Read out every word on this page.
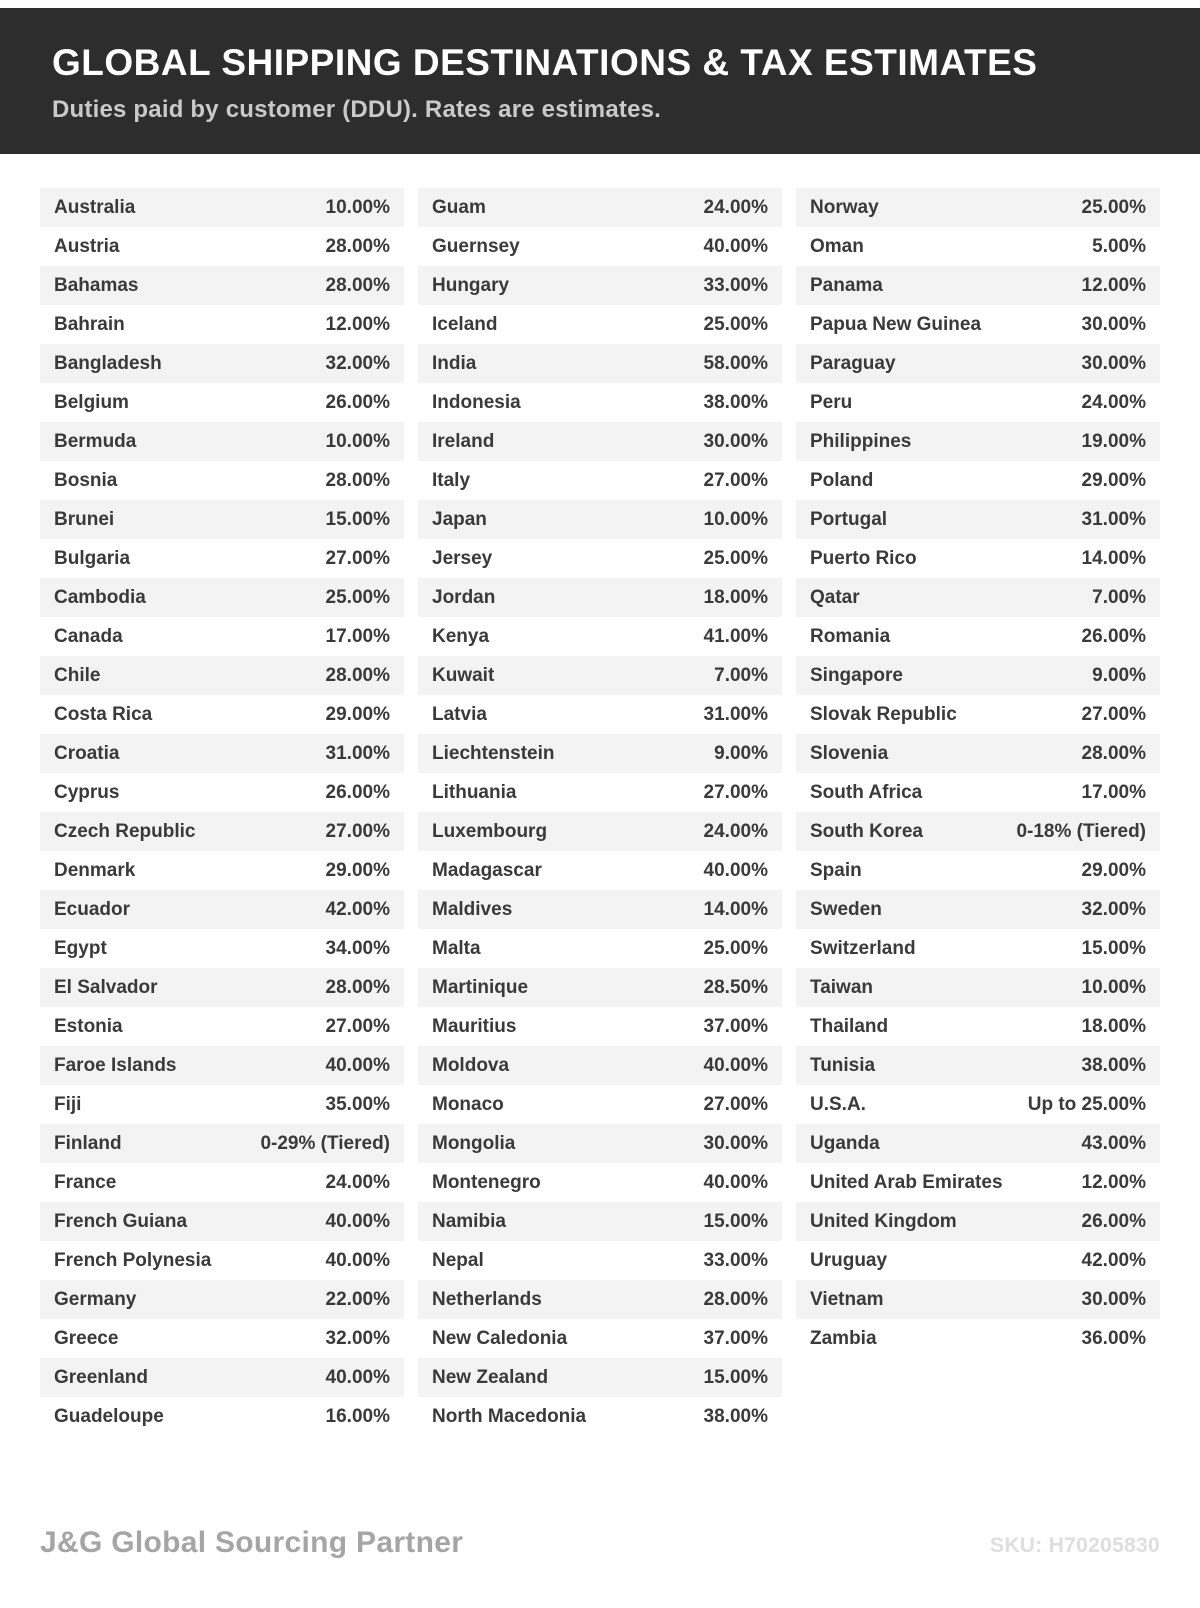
GLOBAL SHIPPING DESTINATIONS & TAX ESTIMATES
Duties paid by customer (DDU). Rates are estimates.
Australia	10.00%
Austria	28.00%
Bahamas	28.00%
Bahrain	12.00%
Bangladesh	32.00%
Belgium	26.00%
Bermuda	10.00%
Bosnia	28.00%
Brunei	15.00%
Bulgaria	27.00%
Cambodia	25.00%
Canada	17.00%
Chile	28.00%
Costa Rica	29.00%
Croatia	31.00%
Cyprus	26.00%
Czech Republic	27.00%
Denmark	29.00%
Ecuador	42.00%
Egypt	34.00%
El Salvador	28.00%
Estonia	27.00%
Faroe Islands	40.00%
Fiji	35.00%
Finland	0-29% (Tiered)
France	24.00%
French Guiana	40.00%
French Polynesia	40.00%
Germany	22.00%
Greece	32.00%
Greenland	40.00%
Guadeloupe	16.00%
Guam	24.00%
Guernsey	40.00%
Hungary	33.00%
Iceland	25.00%
India	58.00%
Indonesia	38.00%
Ireland	30.00%
Italy	27.00%
Japan	10.00%
Jersey	25.00%
Jordan	18.00%
Kenya	41.00%
Kuwait	7.00%
Latvia	31.00%
Liechtenstein	9.00%
Lithuania	27.00%
Luxembourg	24.00%
Madagascar	40.00%
Maldives	14.00%
Malta	25.00%
Martinique	28.50%
Mauritius	37.00%
Moldova	40.00%
Monaco	27.00%
Mongolia	30.00%
Montenegro	40.00%
Namibia	15.00%
Nepal	33.00%
Netherlands	28.00%
New Caledonia	37.00%
New Zealand	15.00%
North Macedonia	38.00%
Norway	25.00%
Oman	5.00%
Panama	12.00%
Papua New Guinea	30.00%
Paraguay	30.00%
Peru	24.00%
Philippines	19.00%
Poland	29.00%
Portugal	31.00%
Puerto Rico	14.00%
Qatar	7.00%
Romania	26.00%
Singapore	9.00%
Slovak Republic	27.00%
Slovenia	28.00%
South Africa	17.00%
South Korea	0-18% (Tiered)
Spain	29.00%
Sweden	32.00%
Switzerland	15.00%
Taiwan	10.00%
Thailand	18.00%
Tunisia	38.00%
U.S.A.	Up to 25.00%
Uganda	43.00%
United Arab Emirates	12.00%
United Kingdom	26.00%
Uruguay	42.00%
Vietnam	30.00%
Zambia	36.00%
J&G Global Sourcing Partner	SKU: H70205830
